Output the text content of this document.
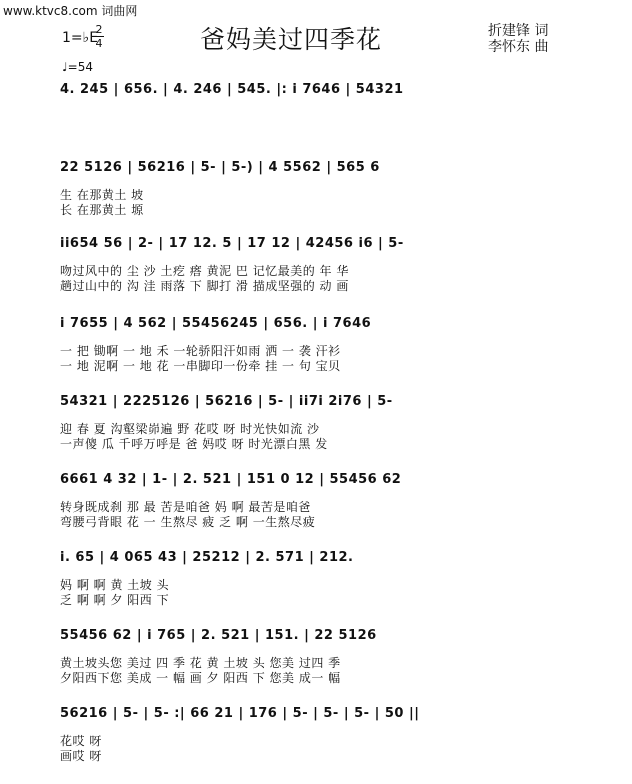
www.ktvc8.com 词曲网
爸妈美过四季花
1=♭E
2
4
♩=54
折建锋 词
李怀东 曲
4. 245 | 656. | 4. 246 | 545. |: i 7646 | 54321
22 5126 | 56216 | 5- | 5-) | 4 5562 | 565 6
生 在那黄土 坡
长 在那黄土 塬
ii654 56 | 2- | 17 12. 5 | 17 12 | 42456 i6 | 5-
吻过风中的 尘 沙 土疙 瘩 黄泥 巴 记忆最美的 年 华
趟过山中的 沟 洼 雨落 下 脚打 滑 描成坚强的 动 画
i 7655 | 4 562 | 55456245 | 656. | i 7646
一 把 锄啊 一 地 禾 一轮骄阳汗如雨 洒 一 袭 汗衫
一 地 泥啊 一 地 花 一串脚印一份牵 挂 一 句 宝贝
54321 | 2225126 | 56216 | 5- | ii7i 2i76 | 5-
迎 春 夏 沟壑梁峁遍 野 花哎 呀 时光快如流 沙
一声傻 瓜 千呼万呼是 爸 妈哎 呀 时光漂白黑 发
6661 4 32 | 1- | 2. 521 | 151 0 12 | 55456 62
转身既成刹 那 最 苦是咱爸 妈 啊 最苦是咱爸
弯腰弓背眼 花 一 生熬尽 疲 乏 啊 一生熬尽疲
i. 65 | 4 065 43 | 25212 | 2. 571 | 212.
妈 啊 啊 黄 土坡 头
乏 啊 啊 夕 阳西 下
55456 62 | i 765 | 2. 521 | 151. | 22 5126
黄土坡头您 美过 四 季 花 黄 土坡 头 您美 过四 季
夕阳西下您 美成 一 幅 画 夕 阳西 下 您美 成一 幅
56216 | 5- | 5- :| 66 21 | 176 | 5- | 5- | 5- | 50 ||
花哎 呀
画哎 呀
